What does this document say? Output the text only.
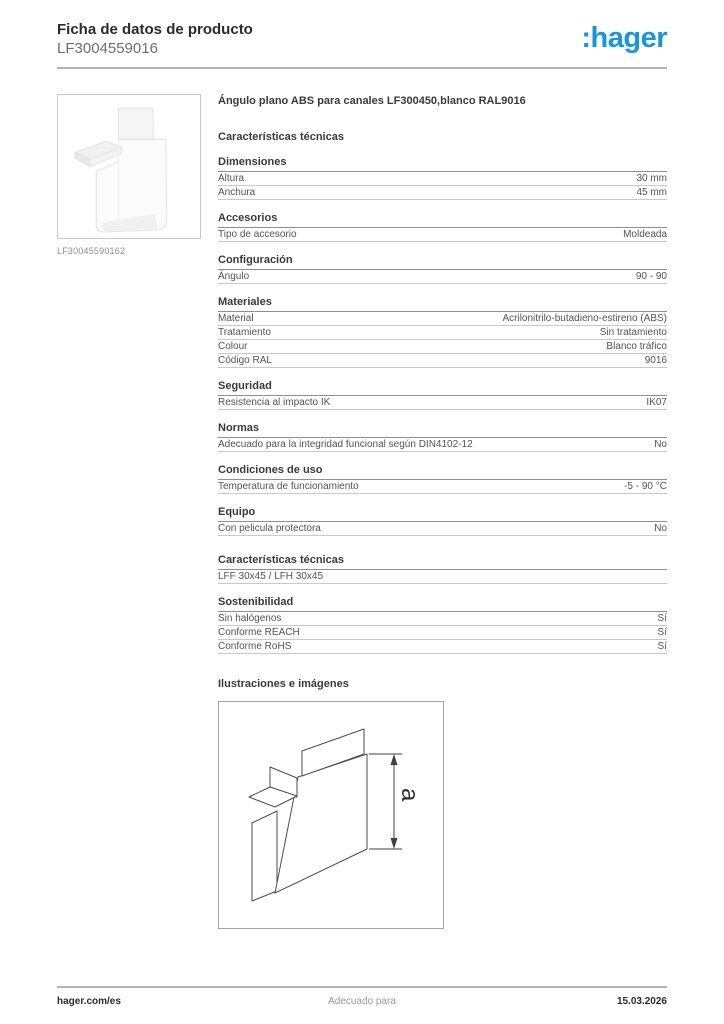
Ficha de datos de producto
LF3004559016	:hager
LF30045590162
Ángulo plano ABS para canales LF300450,blanco RAL9016
Características técnicas
Dimensiones
Altura	30 mm
Anchura	45 mm
Accesorios
Tipo de accesorio	Moldeada
Configuración
Ángulo	90 - 90
Materiales
Material	Acrilonitrilo-butadieno-estireno (ABS)
Tratamiento	Sin tratamiento
Colour	Blanco tráfico
Código RAL	9016
Seguridad
Resistencia al impacto IK	IK07
Normas
Adecuado para la integridad funcional según DIN4102-12	No
Condiciones de uso
Temperatura de funcionamiento	-5 - 90 °C
Equipo
Con pelicula protectora	No
Características técnicas
LFF 30x45 / LFH 30x45
Sostenibilidad
Sin halógenos	Sí
Conforme REACH	Sí
Conforme RoHS	Sí
Ilustraciones e imágenes
a
hager.com/es	Adecuado para	15.03.2026
